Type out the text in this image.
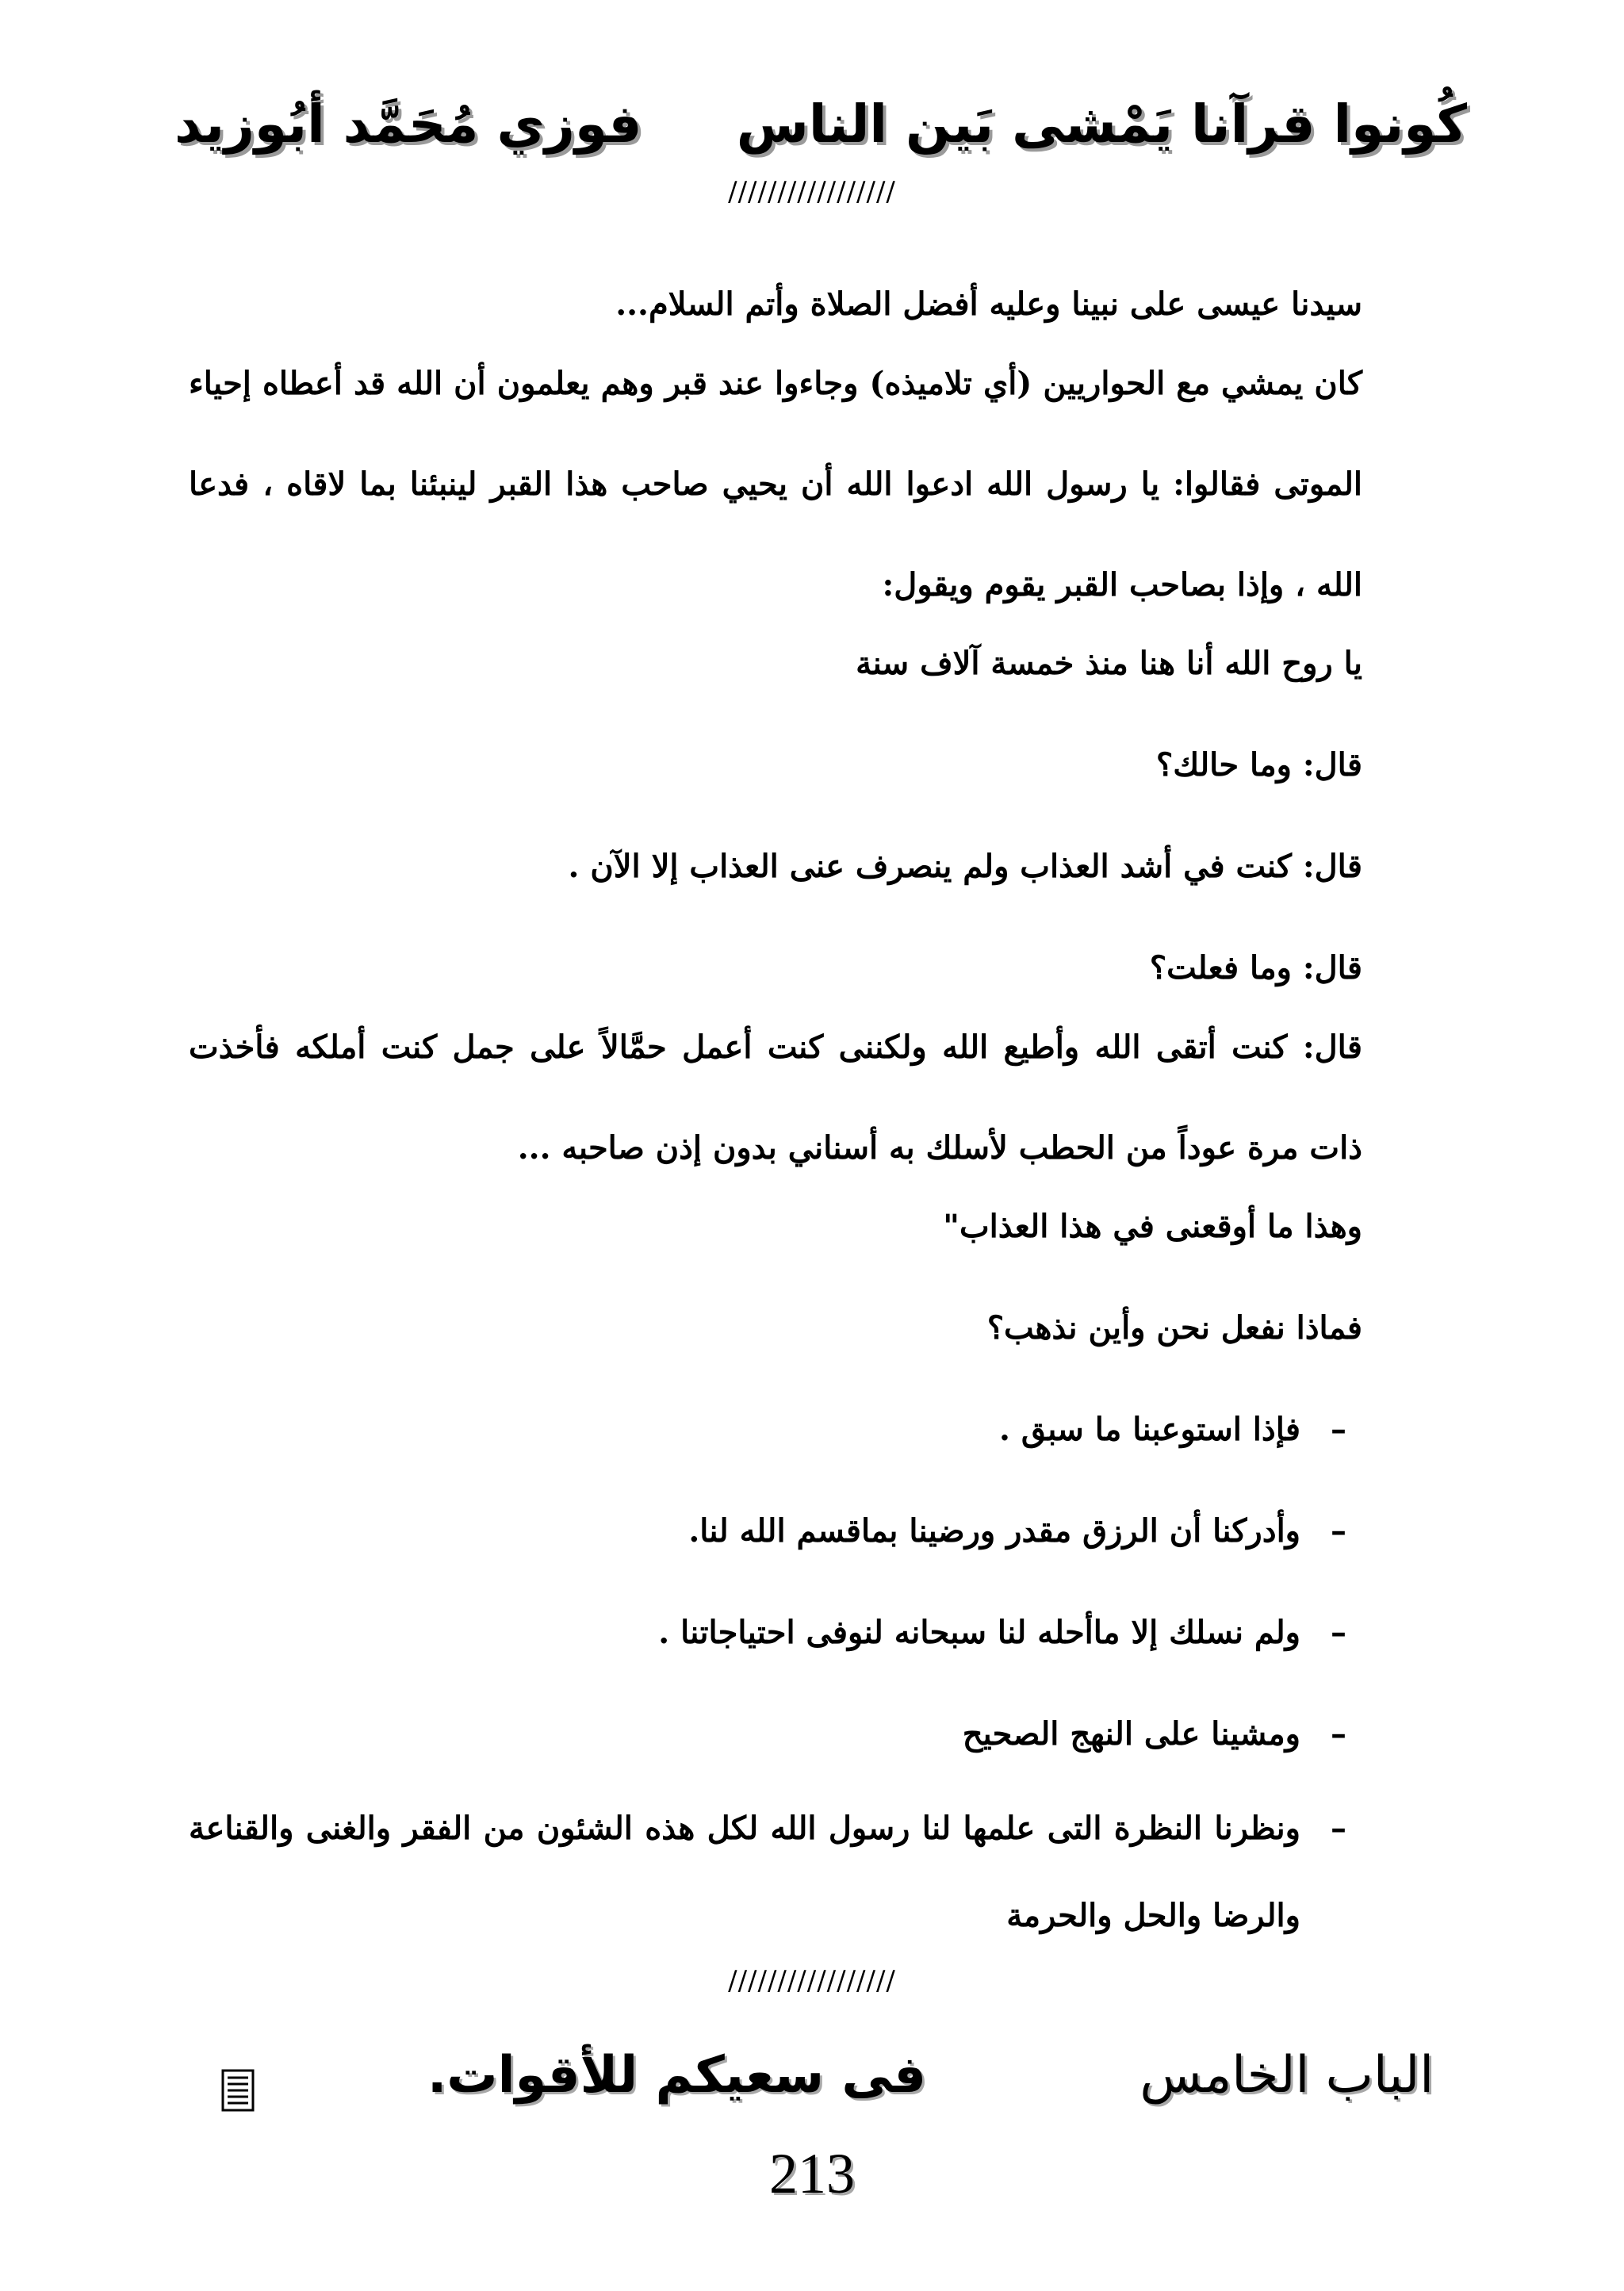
كُونوا قرآنا يَمْشى بَين الناس
فوزي مُحَمَّد أبُوزيد
/////////////////

سيدنا عيسى على نبينا وعليه أفضل الصلاة وأتم السلام...

كان يمشي مع الحواريين (أي تلاميذه) وجاءوا عند قبر وهم يعلمون أن الله قد أعطاه إحياء الموتى فقالوا: يا رسول الله ادعوا الله أن يحيي صاحب هذا القبر لينبئنا بما لاقاه ، فدعا الله ، وإذا بصاحب القبر يقوم ويقول:

يا روح الله أنا هنا منذ خمسة آلاف سنة

قال: وما حالك؟

قال: كنت في أشد العذاب ولم ينصرف عنى العذاب إلا الآن .

قال: وما فعلت؟

قال: كنت أتقى الله وأطيع الله ولكننى كنت أعمل حمَّالاً على جمل كنت أملكه فأخذت ذات مرة عوداً من الحطب لأسلك به أسناني بدون إذن صاحبه ...

وهذا ما أوقعنى في هذا العذاب"

فماذا نفعل نحن وأين نذهب؟

–
فإذا استوعبنا ما سبق .
–
وأدركنا أن الرزق مقدر ورضينا بماقسم الله لنا.
–
ولم نسلك إلا ماأحله لنا سبحانه لنوفى احتياجاتنا .
–
ومشينا على النهج الصحيح
–
ونظرنا النظرة التى علمها لنا رسول الله لكل هذه الشئون من الفقر والغنى والقناعة والرضا والحل والحرمة
/////////////////
الباب الخامس
فى سعيكم للأقوات.
213
